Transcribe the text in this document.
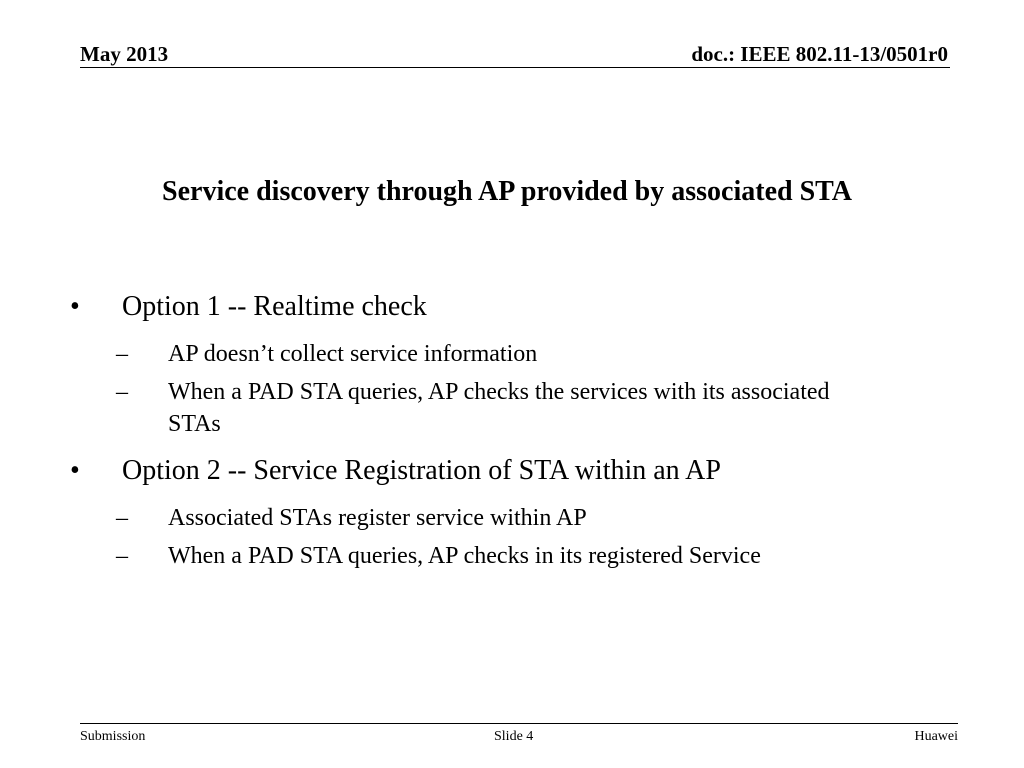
May 2013	doc.: IEEE 802.11-13/0501r0
Service discovery through AP provided by associated STA
• Option 1 -- Realtime check
– AP doesn’t collect service information
– When a PAD STA queries, AP checks the services with its associated STAs
• Option 2 -- Service Registration of STA within an AP
– Associated STAs register service within AP
– When a PAD STA queries, AP checks in its registered Service
Submission	Slide 4	Huawei
